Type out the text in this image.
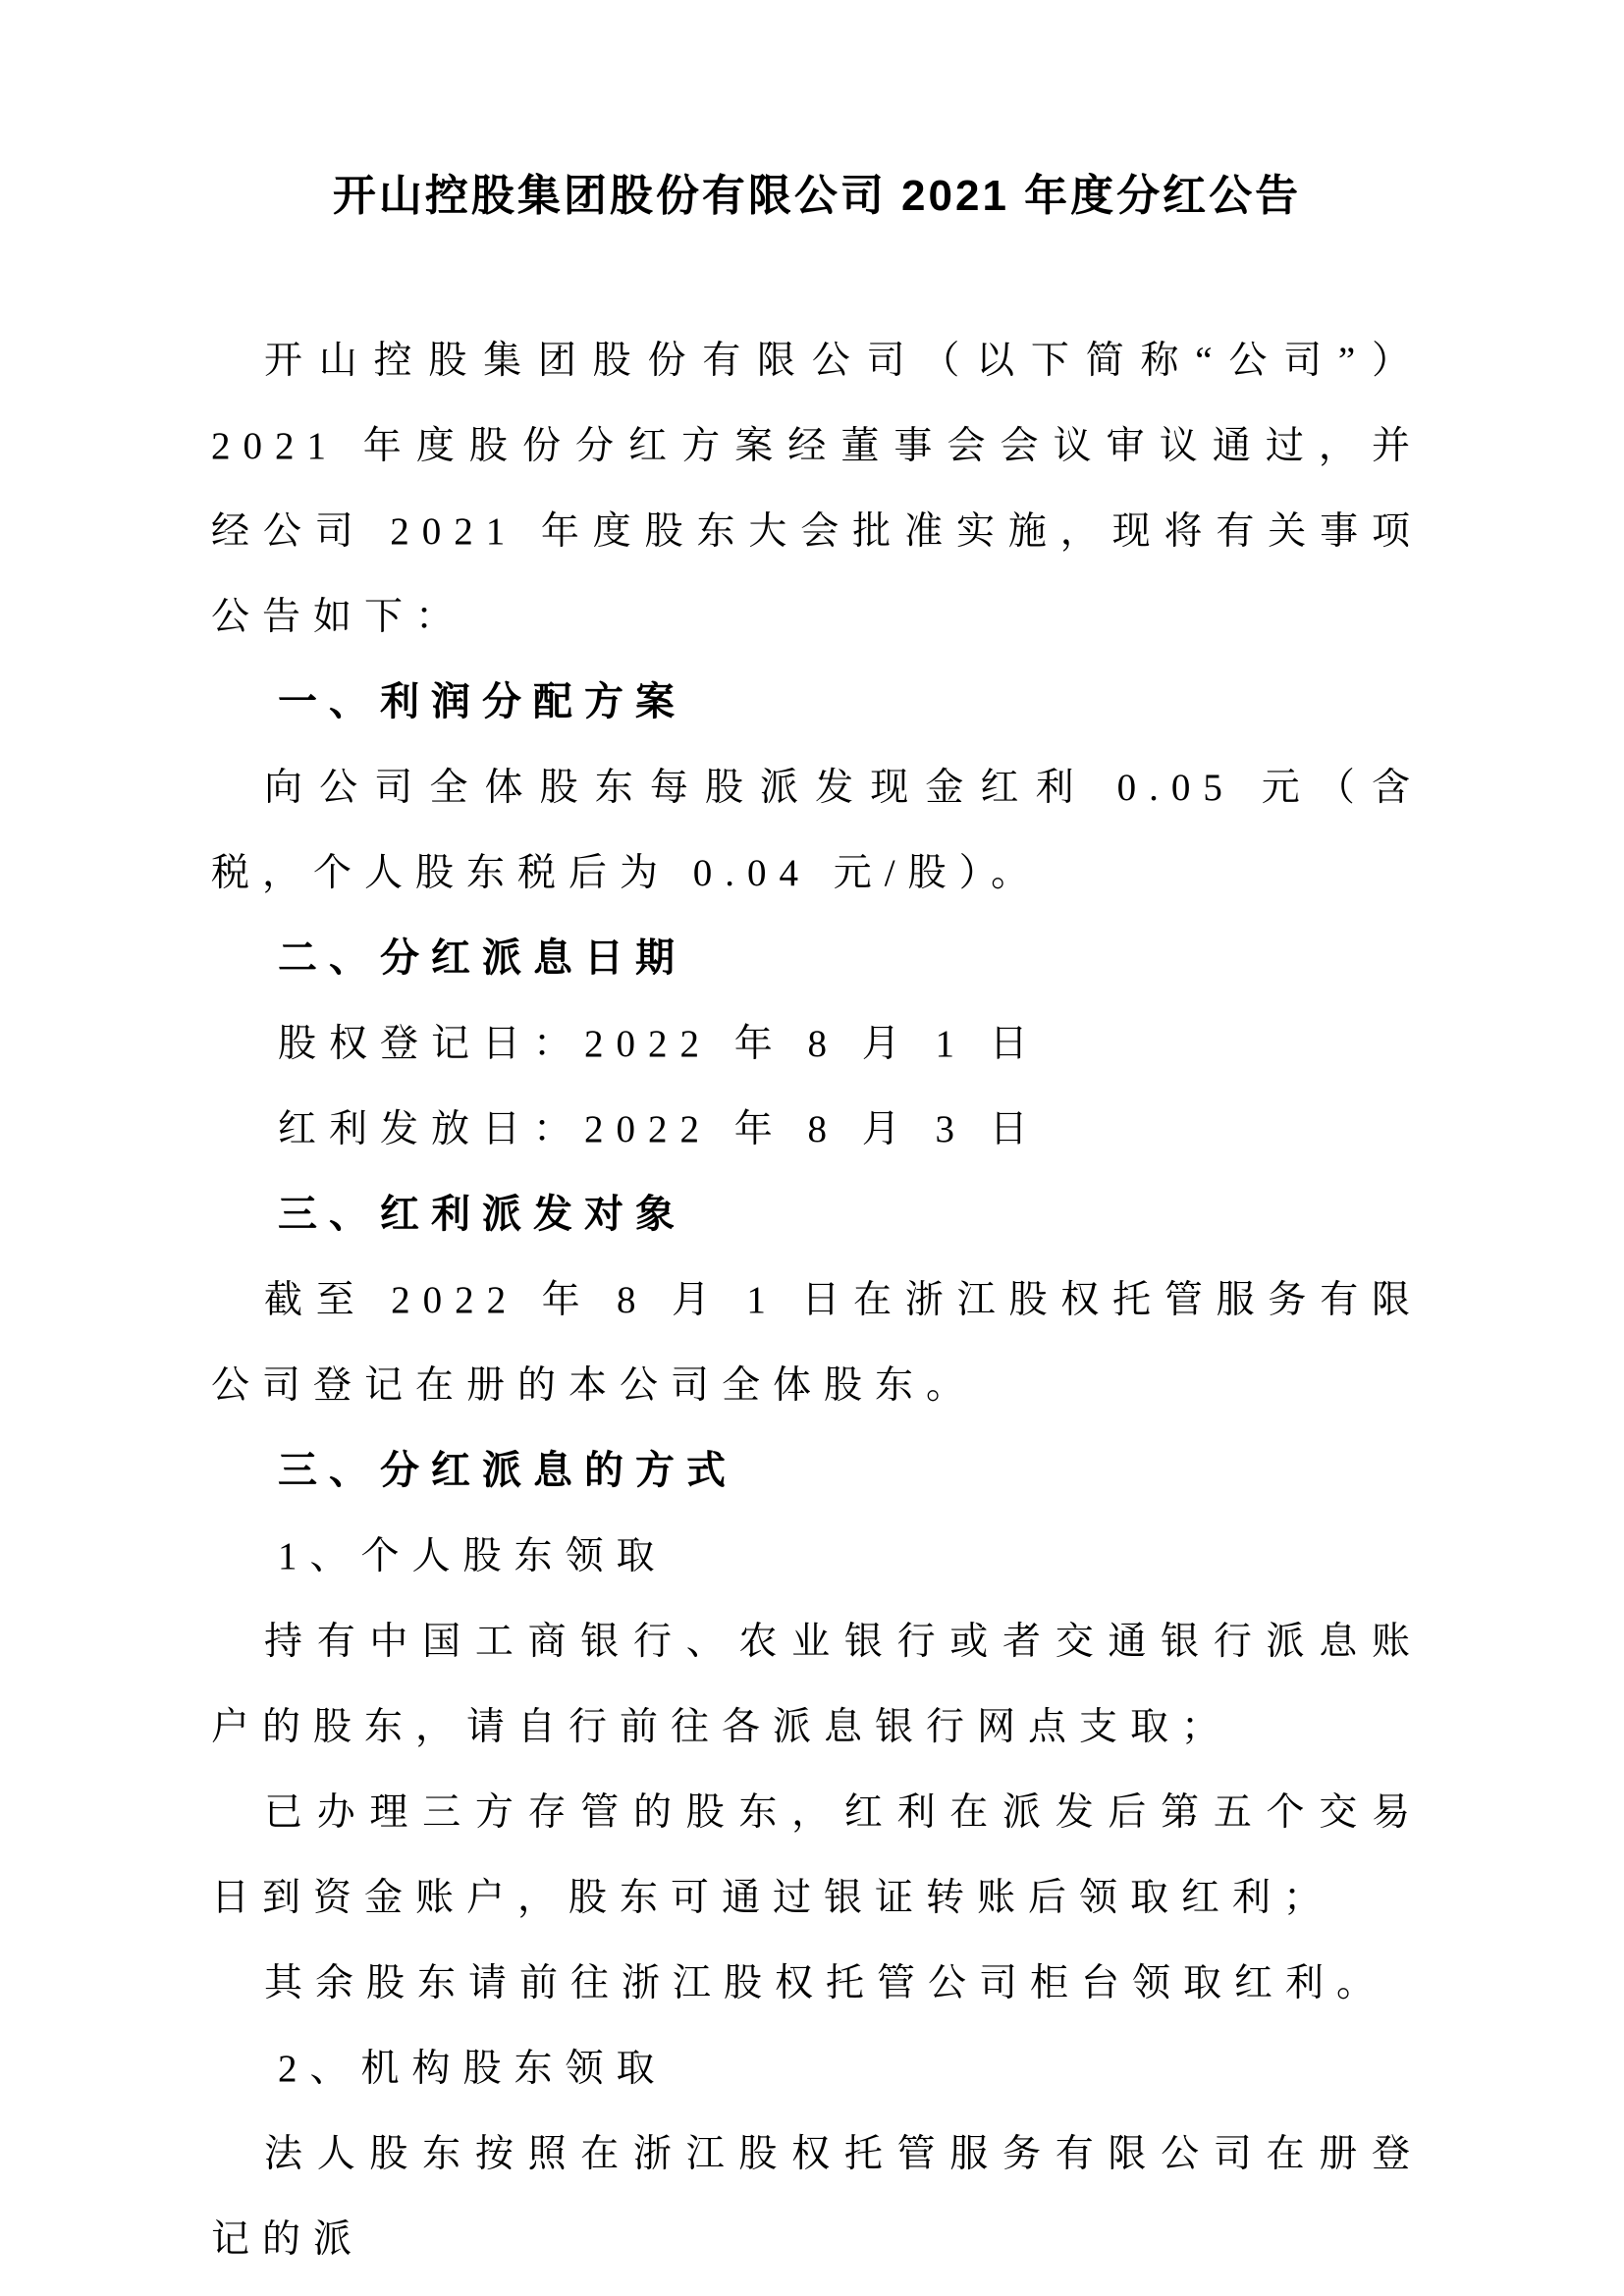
开山控股集团股份有限公司 2021 年度分红公告

开山控股集团股份有限公司（以下简称“公司”）2021 年度股份分红方案经董事会会议审议通过，并经公司 2021 年度股东大会批准实施，现将有关事项公告如下：

一、利润分配方案

向公司全体股东每股派发现金红利 0.05 元（含税，个人股东税后为 0.04 元/股）。

二、分红派息日期

股权登记日：2022 年 8 月 1 日

红利发放日：2022 年 8 月 3 日

三、红利派发对象

截至 2022 年 8 月 1 日在浙江股权托管服务有限公司登记在册的本公司全体股东。

三、分红派息的方式

1、个人股东领取

持有中国工商银行、农业银行或者交通银行派息账户的股东，请自行前往各派息银行网点支取；

已办理三方存管的股东，红利在派发后第五个交易日到资金账户，股东可通过银证转账后领取红利；

其余股东请前往浙江股权托管公司柜台领取红利。

2、机构股东领取

法人股东按照在浙江股权托管服务有限公司在册登记的派
